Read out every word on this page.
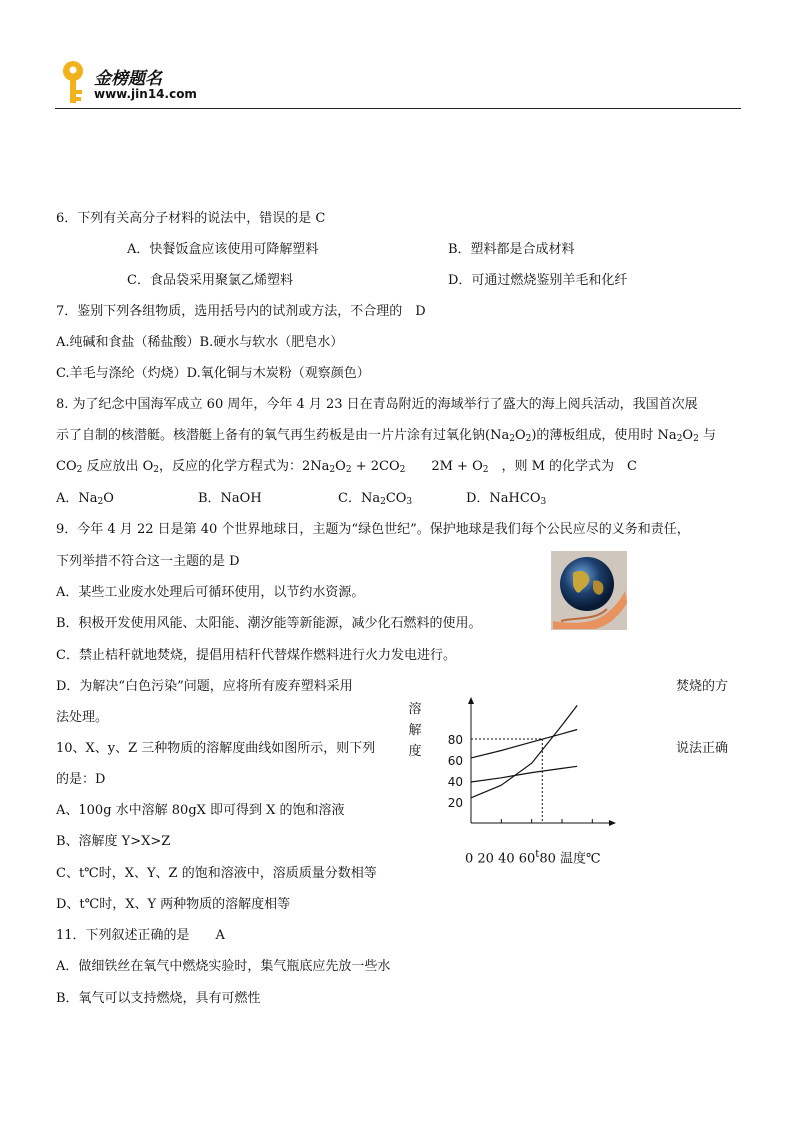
金榜题名
www.jin14.com
6．下列有关高分子材料的说法中，错误的是 C
A．快餐饭盒应该使用可降解塑料	B．塑料都是合成材料
C．食品袋采用聚氯乙烯塑料	D．可通过燃烧鉴别羊毛和化纤
7．鉴别下列各组物质，选用括号内的试剂或方法，不合理的　D
A.纯碱和食盐（稀盐酸）B.硬水与软水（肥皂水）
C.羊毛与涤纶（灼烧）D.氧化铜与木炭粉（观察颜色）
8. 为了纪念中国海军成立 60 周年，今年 4 月 23 日在青岛附近的海域举行了盛大的海上阅兵活动，我国首次展
示了自制的核潜艇。核潜艇上备有的氧气再生药板是由一片片涂有过氧化钠$(Na_2O_2)$的薄板组成，使用时 $Na_2O_2$ 与
$CO_2$ 反应放出 $O_2$，反应的化学方程式为：$2Na_2O_2 + 2CO_2$　　$2M + O_2$　，则 M 的化学式为　C
A．$Na_2O$	B．NaOH	C．$Na_2CO_3$	D．NaHCO$_3$
9．今年 4 月 22 日是第 40 个世界地球日，主题为“绿色世纪”。保护地球是我们每个公民应尽的义务和责任，
下列举措不符合这一主题的是 D
A．某些工业废水处理后可循环使用，以节约水资源。
B．积极开发使用风能、太阳能、潮汐能等新能源，减少化石燃料的使用。
C．禁止桔秆就地焚烧，提倡用桔秆代替煤作燃料进行火力发电进行。
D．为解决“白色污染”问题，应将所有废弃塑料采用	焚烧的方
法处理。
10、X、y、Z 三种物质的溶解度曲线如图所示，则下列	说法正确
的是：D
A、100g 水中溶解 80gX 即可得到 X 的饱和溶液
B、溶解度 Y>X>Z
C、t℃时，X、Y、Z 的饱和溶液中，溶质质量分数相等
D、t℃时，X、Y 两种物质的溶解度相等
80
60
40
20
溶
解
度
0 20 40 60$^t$80 温度℃
11．下列叙述正确的是　　A
A．做细铁丝在氧气中燃烧实验时，集气瓶底应先放一些水
B．氧气可以支持燃烧，具有可燃性
